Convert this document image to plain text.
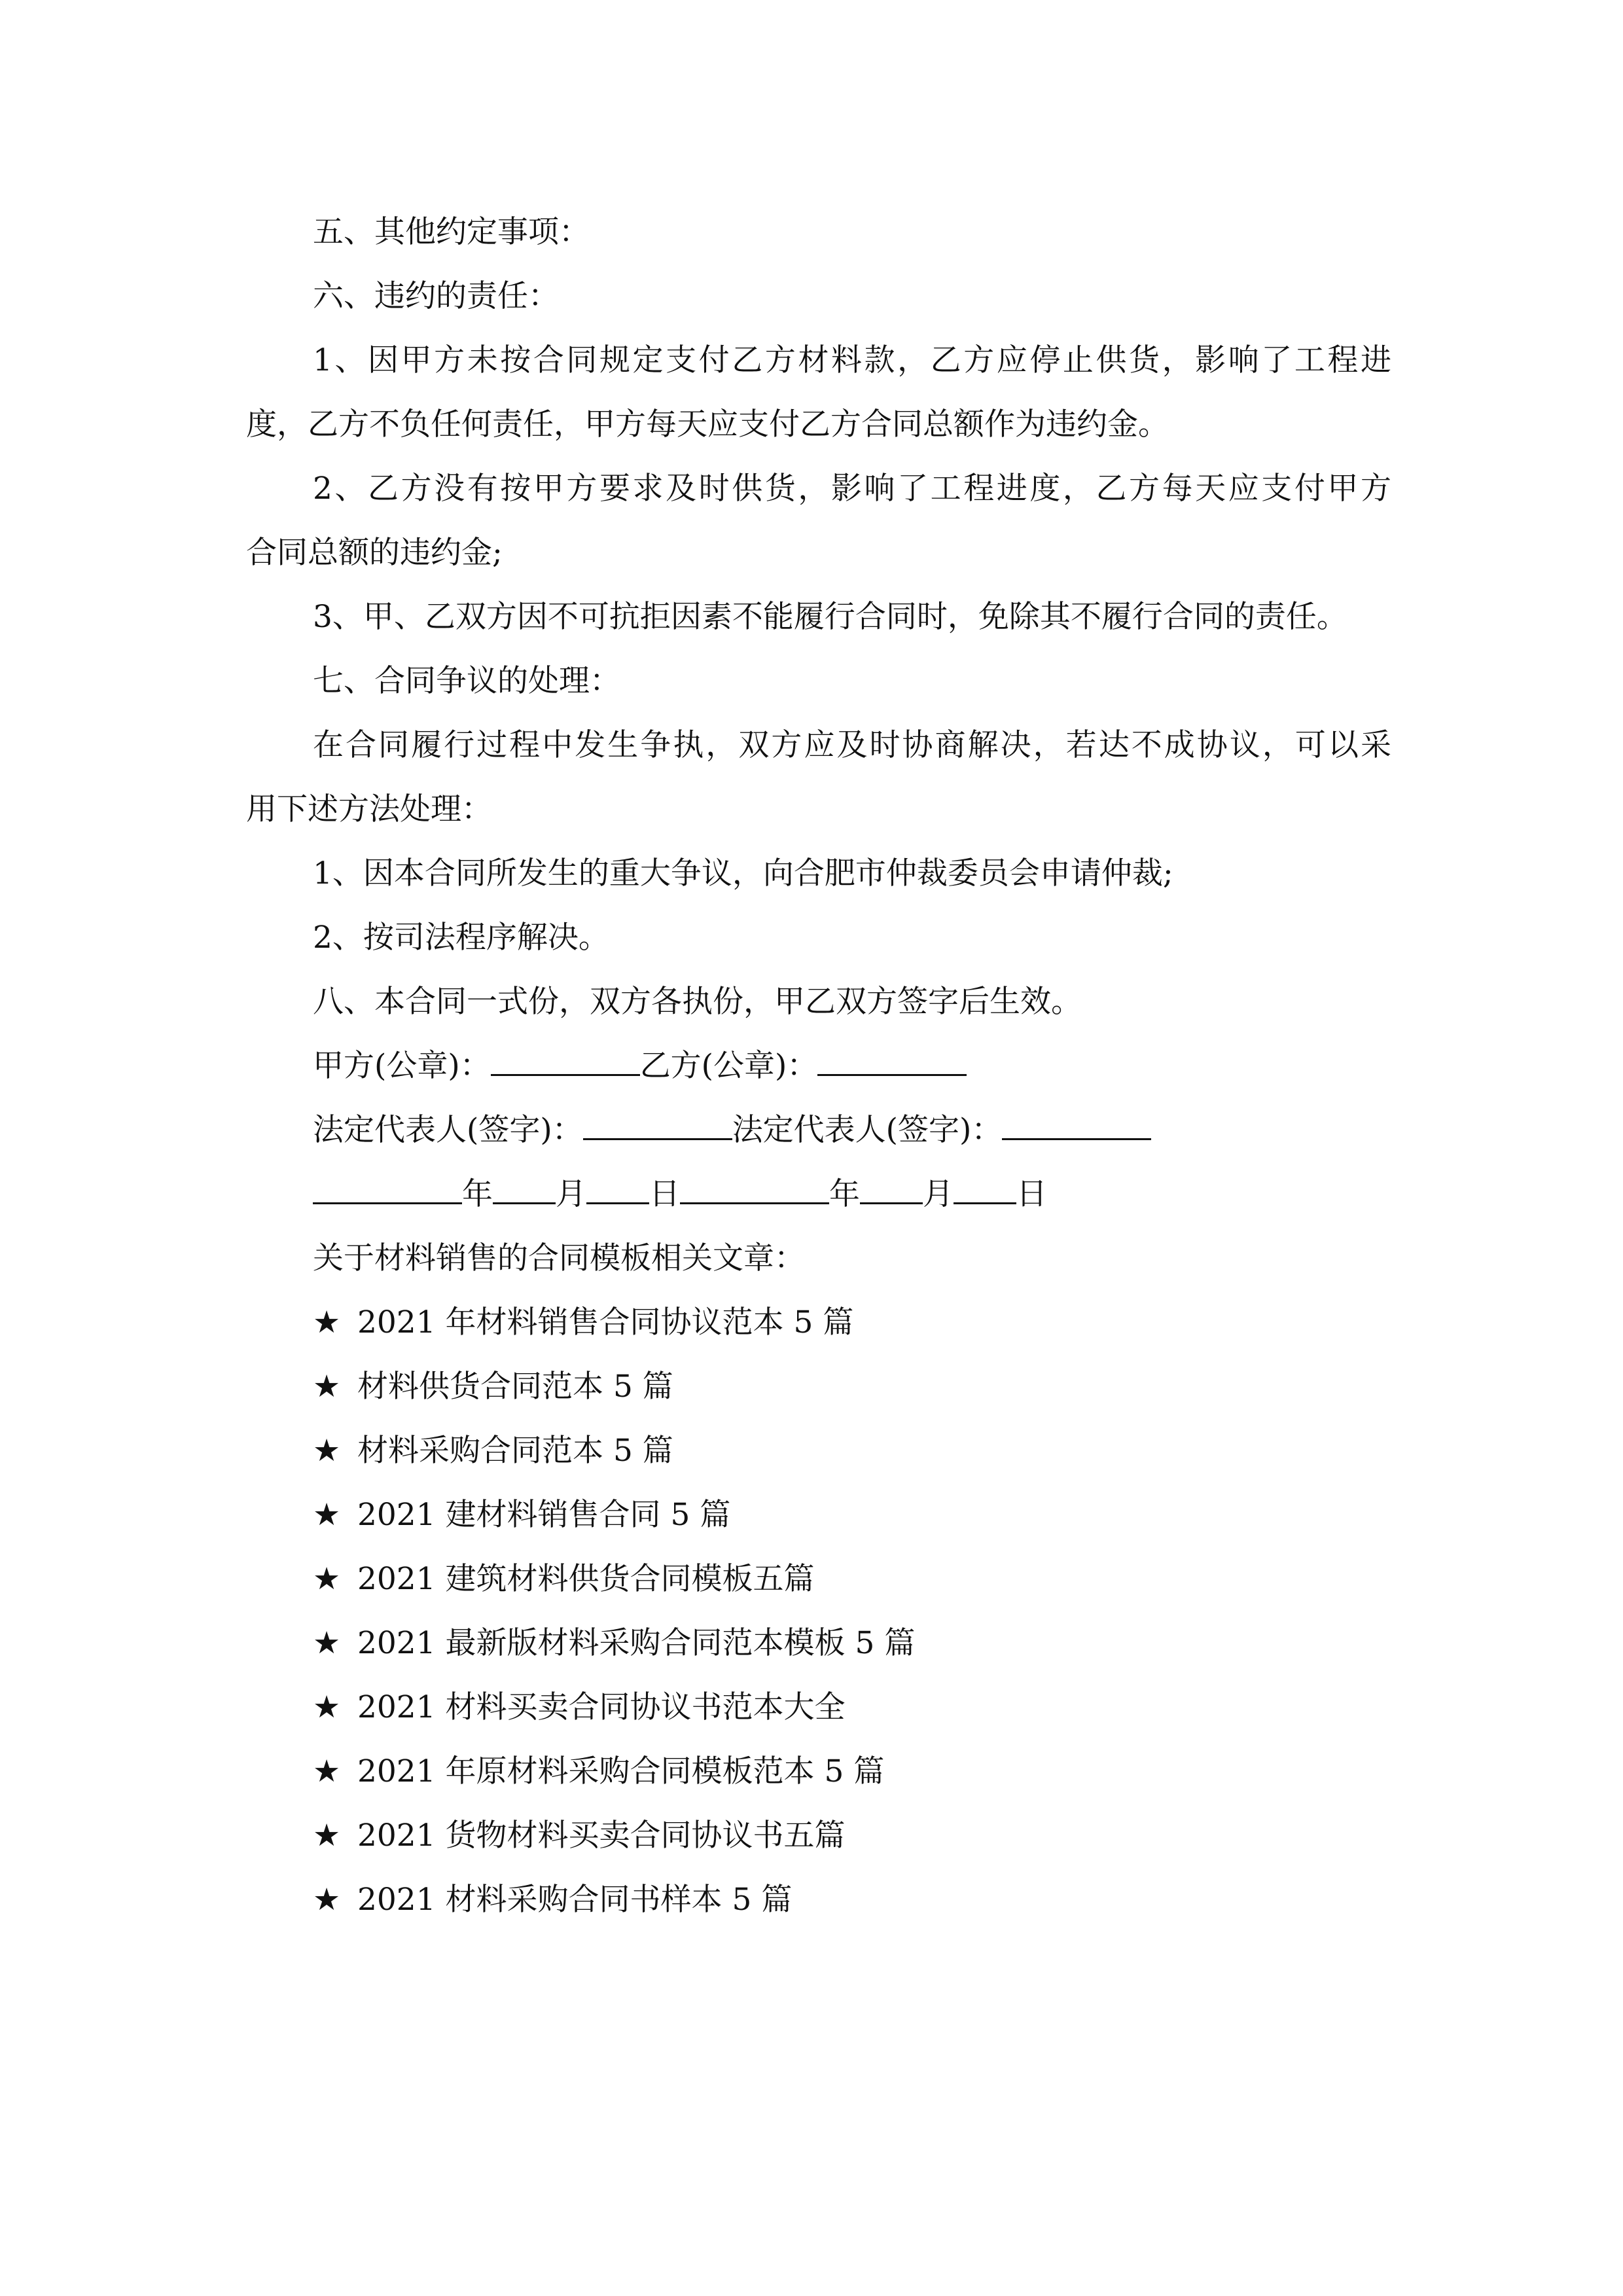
五、其他约定事项：
六、违约的责任：
1、因甲方未按合同规定支付乙方材料款，乙方应停止供货，影响了工程进
度，乙方不负任何责任，甲方每天应支付乙方合同总额作为违约金。
2、乙方没有按甲方要求及时供货，影响了工程进度，乙方每天应支付甲方
合同总额的违约金;
3、甲、乙双方因不可抗拒因素不能履行合同时，免除其不履行合同的责任。
七、合同争议的处理：
在合同履行过程中发生争执，双方应及时协商解决，若达不成协议，可以采
用下述方法处理：
1、因本合同所发生的重大争议，向合肥市仲裁委员会申请仲裁;
2、按司法程序解决。
八、本合同一式份，双方各执份，甲乙双方签字后生效。
甲方(公章)：	乙方(公章)：
法定代表人(签字)：	法定代表人(签字)：
年 月 日	年 月 日
关于材料销售的合同模板相关文章：
★ 2021 年材料销售合同协议范本 5 篇
★ 材料供货合同范本 5 篇
★ 材料采购合同范本 5 篇
★ 2021 建材料销售合同 5 篇
★ 2021 建筑材料供货合同模板五篇
★ 2021 最新版材料采购合同范本模板 5 篇
★ 2021 材料买卖合同协议书范本大全
★ 2021 年原材料采购合同模板范本 5 篇
★ 2021 货物材料买卖合同协议书五篇
★ 2021 材料采购合同书样本 5 篇
